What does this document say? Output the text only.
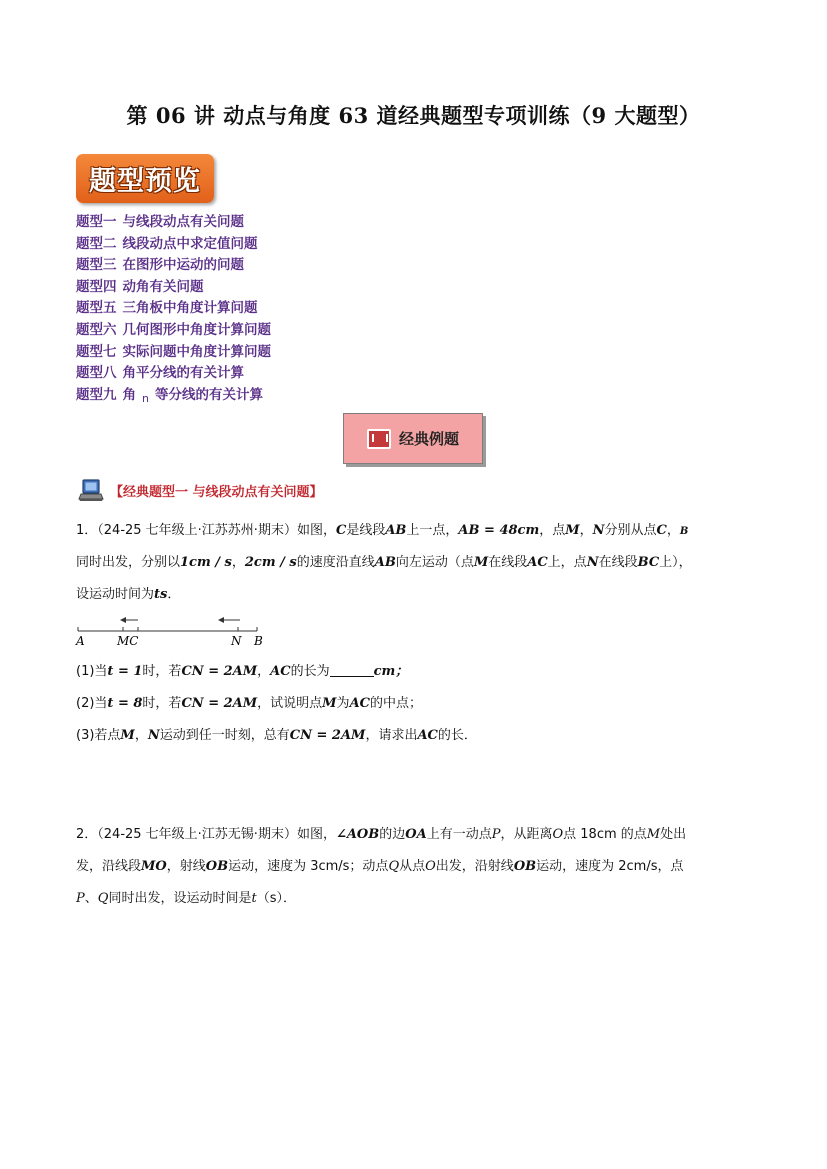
第 06 讲 动点与角度 63 道经典题型专项训练（9 大题型）
题型预览
题型一 与线段动点有关问题
题型二 线段动点中求定值问题
题型三 在图形中运动的问题
题型四 动角有关问题
题型五 三角板中角度计算问题
题型六 几何图形中角度计算问题
题型七 实际问题中角度计算问题
题型八 角平分线的有关计算
题型九 角 $_n$ 等分线的有关计算
经典例题
【经典题型一 与线段动点有关问题】
1．（24-25 七年级上·江苏苏州·期末）如图，C是线段AB上一点，AB = 48cm，点M，N分别从点C，B
同时出发，分别以1cm / s，2cm / s的速度沿直线AB向左运动（点M在线段AC上，点N在线段BC上），
设运动时间为ts．
A	MC	N B
(1)当t = 1时，若CN = 2AM，AC的长为	cm；
(2)当t = 8时，若CN = 2AM，试说明点M为AC的中点；
(3)若点M，N运动到任一时刻，总有CN = 2AM，请求出AC的长．
2．（24-25 七年级上·江苏无锡·期末）如图，∠AOB的边OA上有一动点P，从距离O点 18cm 的点M处出
发，沿线段MO，射线OB运动，速度为 3cm/s；动点Q从点O出发，沿射线OB运动，速度为 2cm/s，点
P、Q同时出发，设运动时间是t（s）．
